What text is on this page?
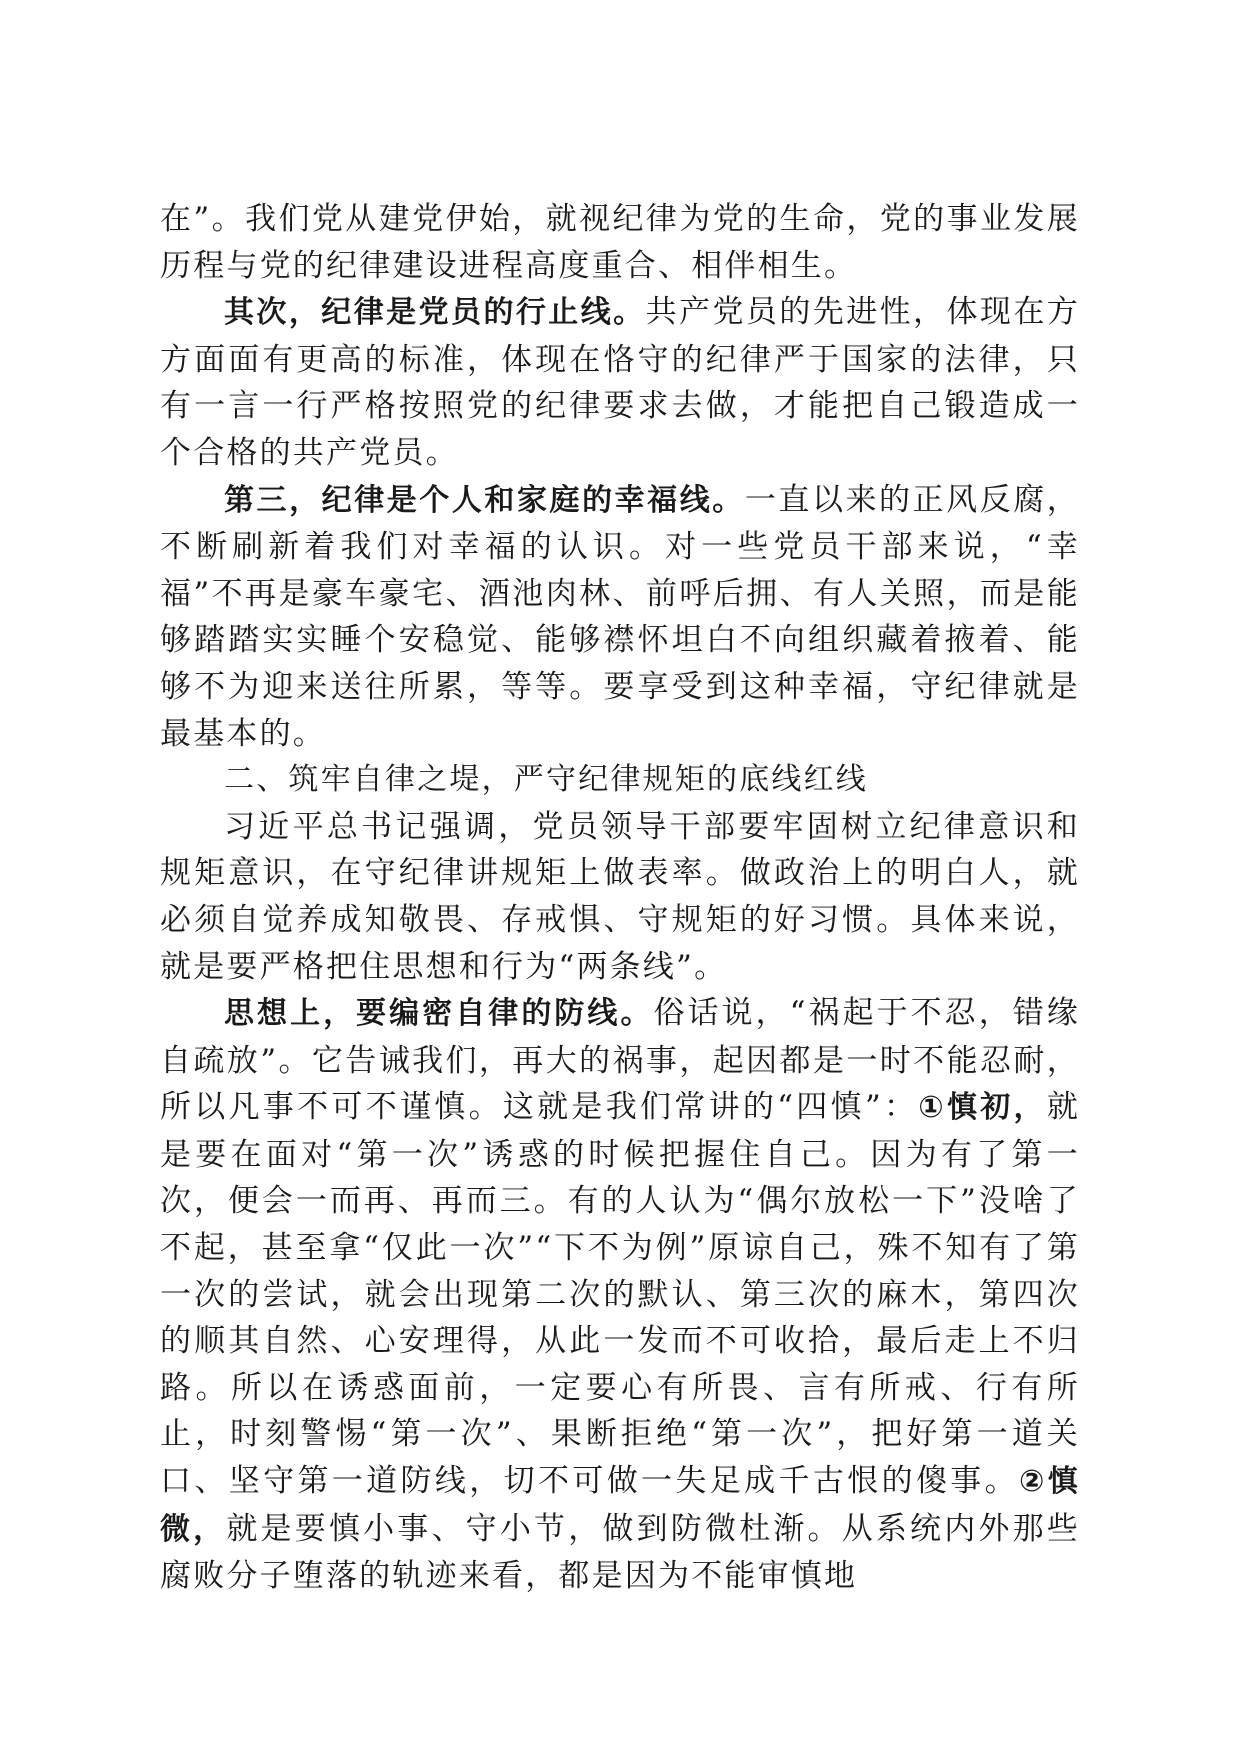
在”。我们党从建党伊始，就视纪律为党的生命，党的事业发展历程与党的纪律建设进程高度重合、相伴相生。

其次，纪律是党员的行止线。共产党员的先进性，体现在方方面面有更高的标准，体现在恪守的纪律严于国家的法律，只有一言一行严格按照党的纪律要求去做，才能把自己锻造成一个合格的共产党员。

第三，纪律是个人和家庭的幸福线。一直以来的正风反腐，不断刷新着我们对幸福的认识。对一些党员干部来说，“幸福”不再是豪车豪宅、酒池肉林、前呼后拥、有人关照，而是能够踏踏实实睡个安稳觉、能够襟怀坦白不向组织藏着掖着、能够不为迎来送往所累，等等。要享受到这种幸福，守纪律就是最基本的。

二、筑牢自律之堤，严守纪律规矩的底线红线

习近平总书记强调，党员领导干部要牢固树立纪律意识和规矩意识，在守纪律讲规矩上做表率。做政治上的明白人，就必须自觉养成知敬畏、存戒惧、守规矩的好习惯。具体来说，就是要严格把住思想和行为“两条线”。

思想上，要编密自律的防线。俗话说，“祸起于不忍，错缘自疏放”。它告诫我们，再大的祸事，起因都是一时不能忍耐，所以凡事不可不谨慎。这就是我们常讲的“四慎”：①慎初，就是要在面对“第一次”诱惑的时候把握住自己。因为有了第一次，便会一而再、再而三。有的人认为“偶尔放松一下”没啥了不起，甚至拿“仅此一次”“下不为例”原谅自己，殊不知有了第一次的尝试，就会出现第二次的默认、第三次的麻木，第四次的顺其自然、心安理得，从此一发而不可收拾，最后走上不归路。所以在诱惑面前，一定要心有所畏、言有所戒、行有所止，时刻警惕“第一次”、果断拒绝“第一次”，把好第一道关口、坚守第一道防线，切不可做一失足成千古恨的傻事。②慎微，就是要慎小事、守小节，做到防微杜渐。从系统内外那些腐败分子堕落的轨迹来看，都是因为不能审慎地
